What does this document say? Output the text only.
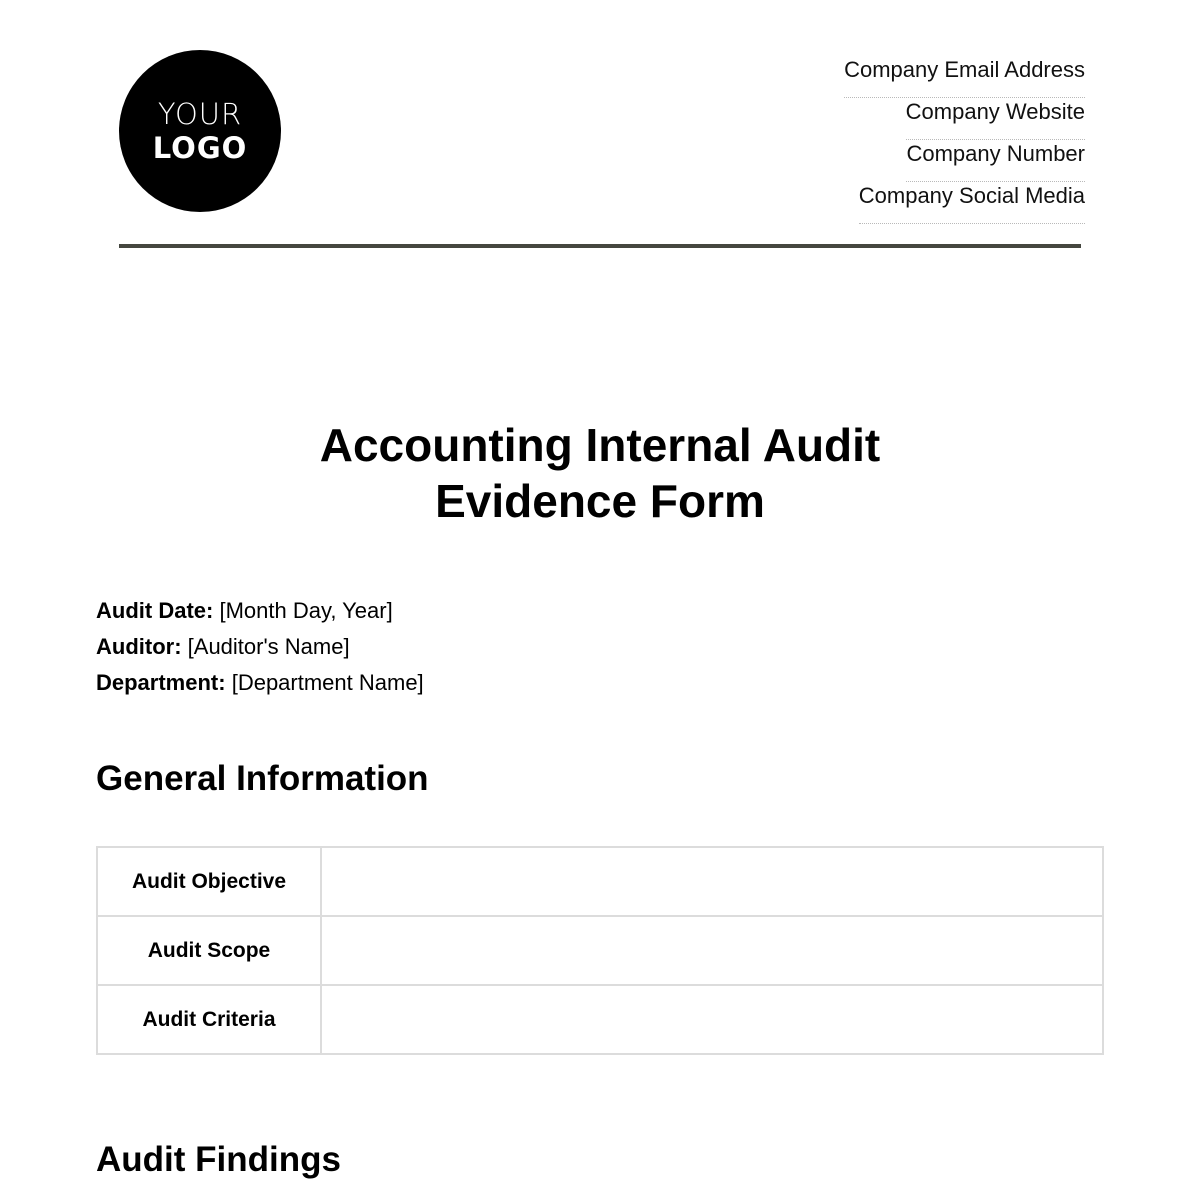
YOUR
LOGO
Company Email Address
Company Website
Company Number
Company Social Media
Accounting Internal Audit
Evidence Form
Audit Date: [Month Day, Year]
Auditor: [Auditor's Name]
Department: [Department Name]
General Information
Audit Objective	
Audit Scope	
Audit Criteria	
Audit Findings
